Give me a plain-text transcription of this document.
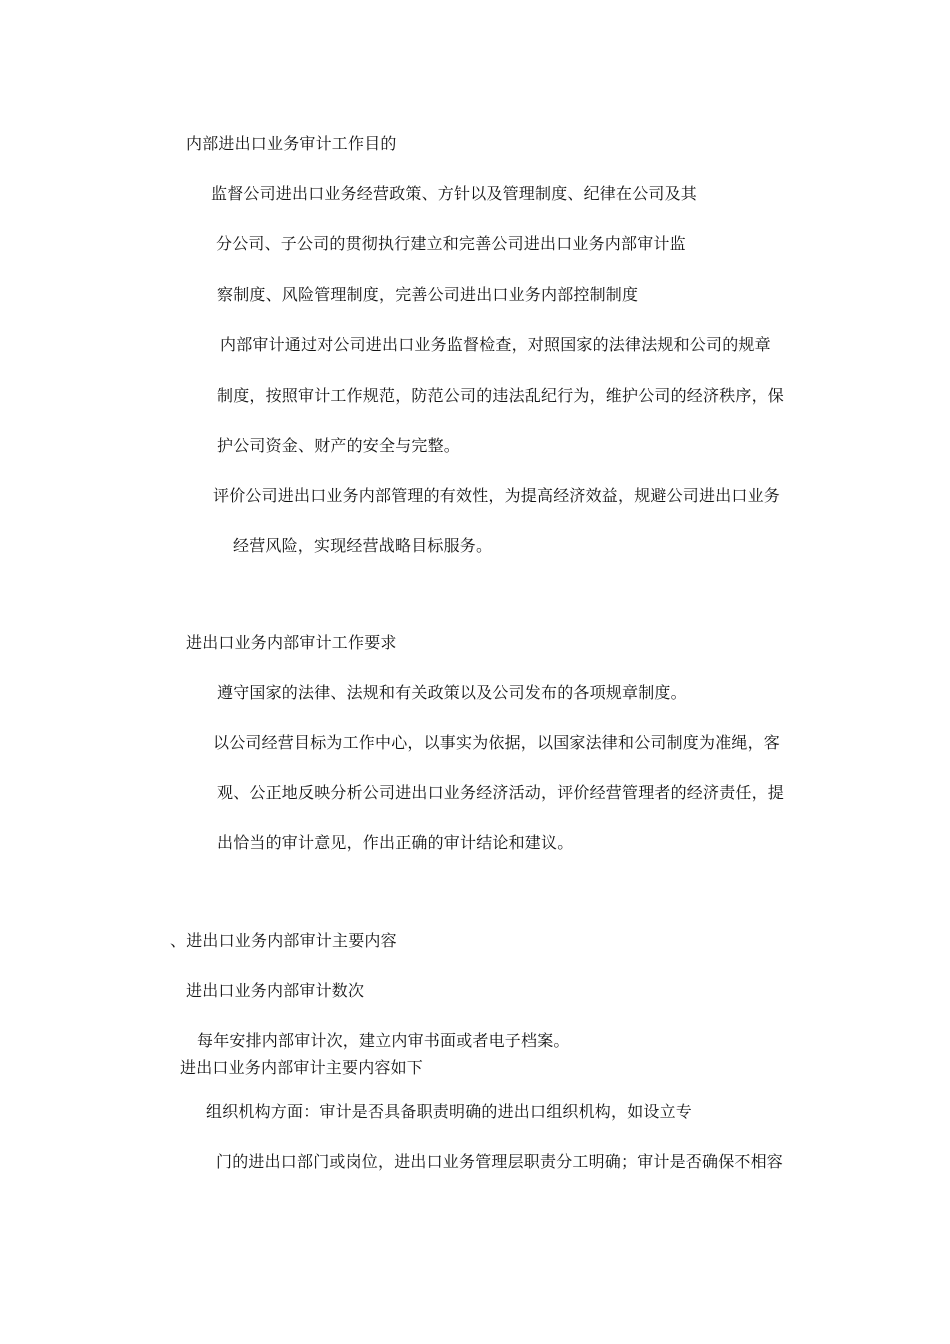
内部进出口业务审计工作目的
监督公司进出口业务经营政策、方针以及管理制度、纪律在公司及其
分公司、子公司的贯彻执行建立和完善公司进出口业务内部审计监
察制度、风险管理制度，完善公司进出口业务内部控制制度
内部审计通过对公司进出口业务监督检查，对照国家的法律法规和公司的规章
制度，按照审计工作规范，防范公司的违法乱纪行为，维护公司的经济秩序，保
护公司资金、财产的安全与完整。
评价公司进出口业务内部管理的有效性，为提高经济效益，规避公司进出口业务
经营风险，实现经营战略目标服务。
进出口业务内部审计工作要求
遵守国家的法律、法规和有关政策以及公司发布的各项规章制度。
以公司经营目标为工作中心，以事实为依据，以国家法律和公司制度为准绳，客
观、公正地反映分析公司进出口业务经济活动，评价经营管理者的经济责任，提
出恰当的审计意见，作出正确的审计结论和建议。
、进出口业务内部审计主要内容
进出口业务内部审计数次
每年安排内部审计次，建立内审书面或者电子档案。
进出口业务内部审计主要内容如下
组织机构方面：审计是否具备职责明确的进出口组织机构，如设立专
门的进出口部门或岗位，进出口业务管理层职责分工明确；审计是否确保不相容
